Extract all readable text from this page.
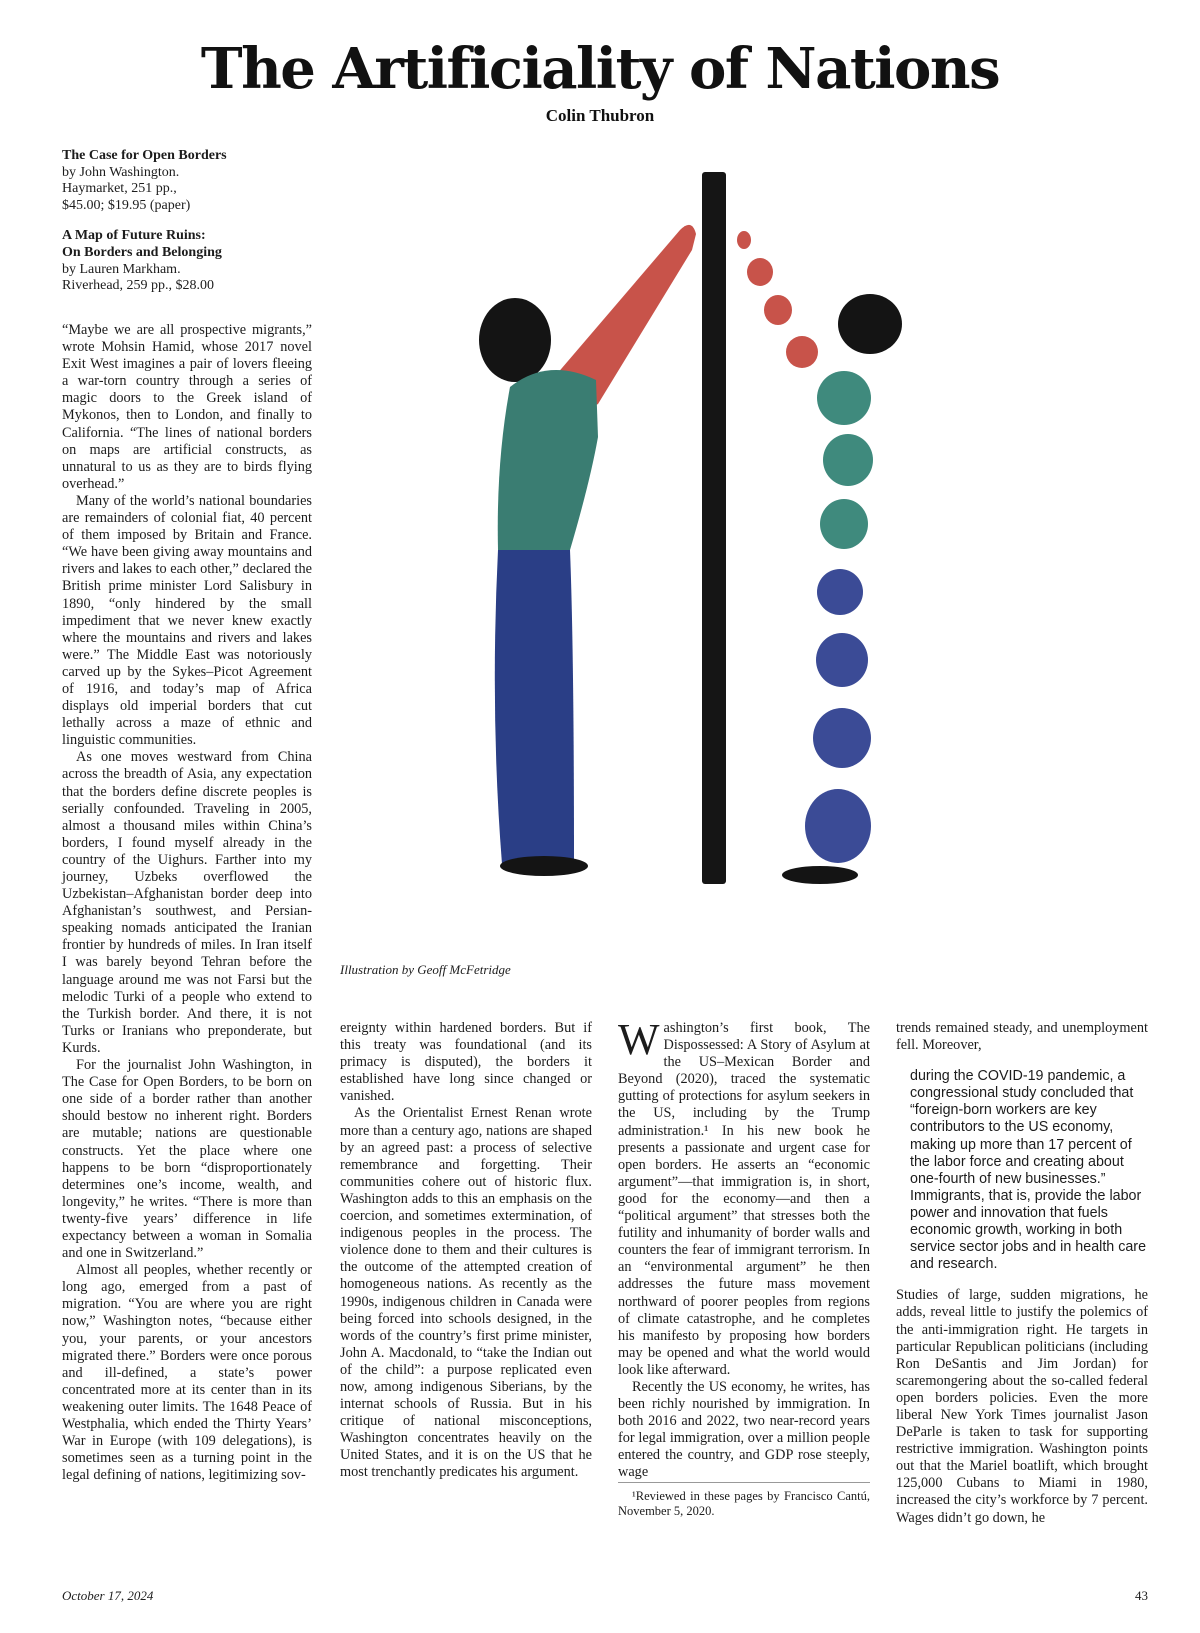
The Artificiality of Nations
Colin Thubron
The Case for Open Borders
by John Washington.
Haymarket, 251 pp.,
$45.00; $19.95 (paper)
A Map of Future Ruins:
On Borders and Belonging
by Lauren Markham.
Riverhead, 259 pp., $28.00
Illustration by Geoff McFetridge

“Maybe we are all prospective migrants,” wrote Mohsin Hamid, whose 2017 novel Exit West imagines a pair of lovers fleeing a war-torn country through a series of magic doors to the Greek island of Mykonos, then to London, and finally to California. “The lines of national borders on maps are artificial constructs, as unnatural to us as they are to birds flying overhead.”

Many of the world’s national boundaries are remainders of colonial fiat, 40 percent of them imposed by Britain and France. “We have been giving away mountains and rivers and lakes to each other,” declared the British prime minister Lord Salisbury in 1890, “only hindered by the small impediment that we never knew exactly where the mountains and rivers and lakes were.” The Middle East was notoriously carved up by the Sykes–Picot Agreement of 1916, and today’s map of Africa displays old imperial borders that cut lethally across a maze of ethnic and linguistic communities.

As one moves westward from China across the breadth of Asia, any expectation that the borders define discrete peoples is serially confounded. Traveling in 2005, almost a thousand miles within China’s borders, I found myself already in the country of the Uighurs. Farther into my journey, Uzbeks overflowed the Uzbekistan–Afghanistan border deep into Afghanistan’s southwest, and Persian-speaking nomads anticipated the Iranian frontier by hundreds of miles. In Iran itself I was barely beyond Tehran before the language around me was not Farsi but the melodic Turki of a people who extend to the Turkish border. And there, it is not Turks or Iranians who preponderate, but Kurds.

For the journalist John Washington, in The Case for Open Borders, to be born on one side of a border rather than another should bestow no inherent right. Borders are mutable; nations are questionable constructs. Yet the place where one happens to be born “disproportionately determines one’s income, wealth, and longevity,” he writes. “There is more than twenty-five years’ difference in life expectancy between a woman in Somalia and one in Switzerland.”

Almost all peoples, whether recently or long ago, emerged from a past of migration. “You are where you are right now,” Washington notes, “because either you, your parents, or your ancestors migrated there.” Borders were once porous and ill-defined, a state’s power concentrated more at its center than in its weakening outer limits. The 1648 Peace of Westphalia, which ended the Thirty Years’ War in Europe (with 109 delegations), is sometimes seen as a turning point in the legal defining of nations, legitimizing sov-

ereignty within hardened borders. But if this treaty was foundational (and its primacy is disputed), the borders it established have long since changed or vanished.

As the Orientalist Ernest Renan wrote more than a century ago, nations are shaped by an agreed past: a process of selective remembrance and forgetting. Their communities cohere out of historic flux. Washington adds to this an emphasis on the coercion, and sometimes extermination, of indigenous peoples in the process. The violence done to them and their cultures is the outcome of the attempted creation of homogeneous nations. As recently as the 1990s, indigenous children in Canada were being forced into schools designed, in the words of the country’s first prime minister, John A. Macdonald, to “take the Indian out of the child”: a purpose replicated even now, among indigenous Siberians, by the internat schools of Russia. But in his critique of national misconceptions, Washington concentrates heavily on the United States, and it is on the US that he most trenchantly predicates his argument.

Washington’s first book, The Dispossessed: A Story of Asylum at the US–Mexican Border and Beyond (2020), traced the systematic gutting of protections for asylum seekers in the US, including by the Trump administration.¹ In his new book he presents a passionate and urgent case for open borders. He asserts an “economic argument”—that immigration is, in short, good for the economy—and then a “political argument” that stresses both the futility and inhumanity of border walls and counters the fear of immigrant terrorism. In an “environmental argument” he then addresses the future mass movement northward of poorer peoples from regions of climate catastrophe, and he completes his manifesto by proposing how borders may be opened and what the world would look like afterward.

Recently the US economy, he writes, has been richly nourished by immigration. In both 2016 and 2022, two near-record years for legal immigration, over a million people entered the country, and GDP rose steeply, wage

¹Reviewed in these pages by Francisco Cantú, November 5, 2020.

trends remained steady, and unemployment fell. Moreover,

during the COVID-19 pandemic, a congressional study concluded that “foreign-born workers are key contributors to the US economy, making up more than 17 percent of the labor force and creating about one-fourth of new businesses.” Immigrants, that is, provide the labor power and innovation that fuels economic growth, working in both service sector jobs and in health care and research.

Studies of large, sudden migrations, he adds, reveal little to justify the polemics of the anti-immigration right. He targets in particular Republican politicians (including Ron DeSantis and Jim Jordan) for scaremongering about the so-called federal open borders policies. Even the more liberal New York Times journalist Jason DeParle is taken to task for supporting restrictive immigration. Washington points out that the Mariel boatlift, which brought 125,000 Cubans to Miami in 1980, increased the city’s workforce by 7 percent. Wages didn’t go down, he

October 17, 2024	43
